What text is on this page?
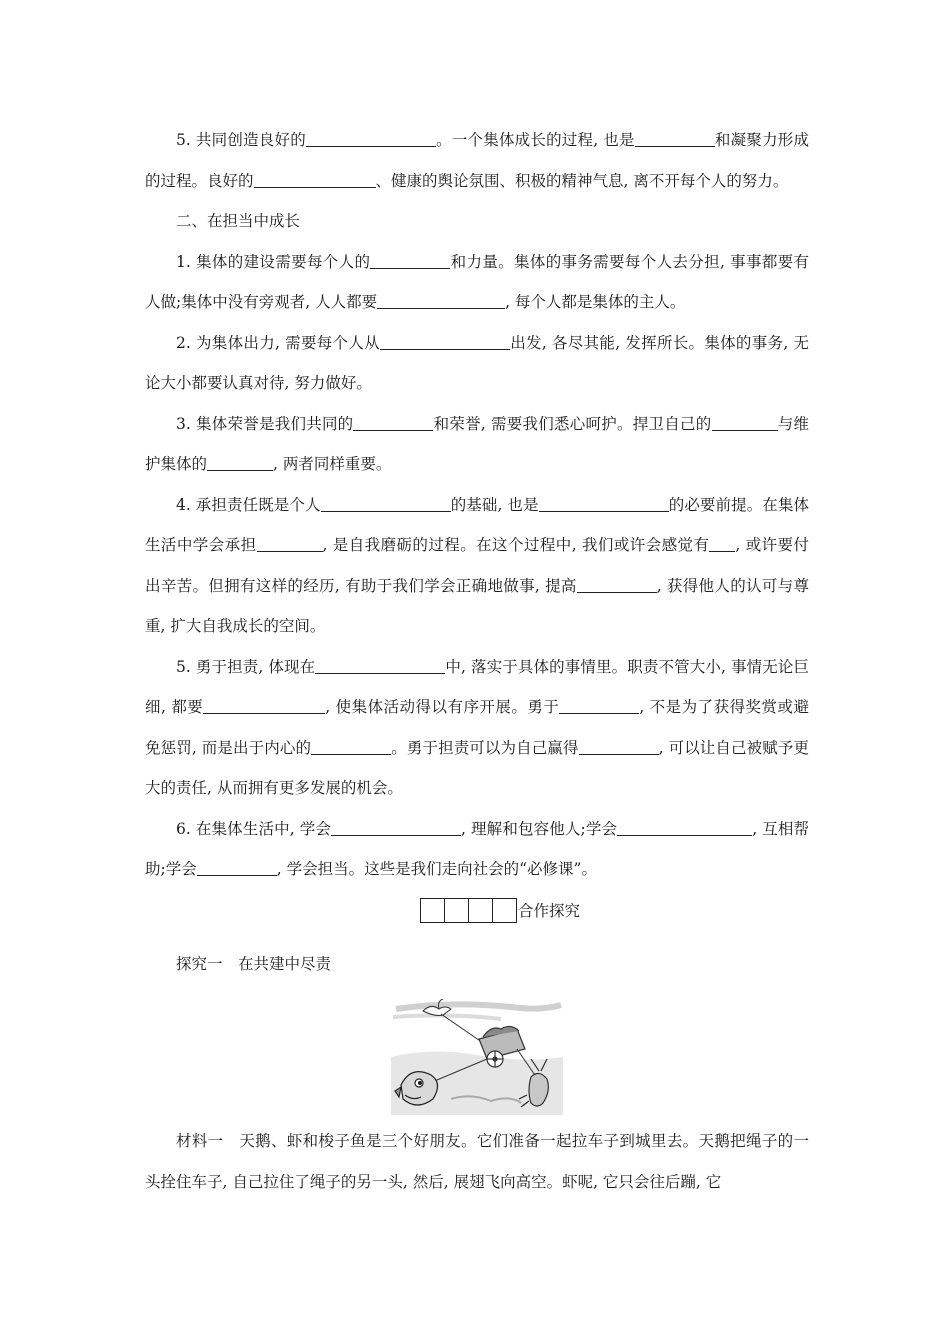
5. 共同创造良好的	。一个集体成长的过程, 也是	和凝聚力形成的过程。良好的	、健康的舆论氛围、积极的精神气息, 离不开每个人的努力。

二、在担当中成长

1. 集体的建设需要每个人的	和力量。集体的事务需要每个人去分担, 事事都要有人做;集体中没有旁观者, 人人都要	, 每个人都是集体的主人。

2. 为集体出力, 需要每个人从	出发, 各尽其能, 发挥所长。集体的事务, 无论大小都要认真对待, 努力做好。

3. 集体荣誉是我们共同的	和荣誉, 需要我们悉心呵护。捍卫自己的	与维护集体的	, 两者同样重要。

4. 承担责任既是个人	的基础, 也是	的必要前提。在集体生活中学会承担	, 是自我磨砺的过程。在这个过程中, 我们或许会感觉有 , 或许要付出辛苦。但拥有这样的经历, 有助于我们学会正确地做事, 提高	, 获得他人的认可与尊重, 扩大自我成长的空间。

5. 勇于担责, 体现在	中, 落实于具体的事情里。职责不管大小, 事情无论巨细, 都要	, 使集体活动得以有序开展。勇于	, 不是为了获得奖赏或避免惩罚, 而是出于内心的	。勇于担责可以为自己赢得	, 可以让自己被赋予更大的责任, 从而拥有更多发展的机会。

6. 在集体生活中, 学会	, 理解和包容他人;学会	, 互相帮助;学会	, 学会担当。这些是我们走向社会的“必修课”。

合作探究

探究一　在共建中尽责

材料一　天鹅、虾和梭子鱼是三个好朋友。它们准备一起拉车子到城里去。天鹅把绳子的一头拴住车子, 自己拉住了绳子的另一头, 然后, 展翅飞向高空。虾呢, 它只会往后蹦, 它
